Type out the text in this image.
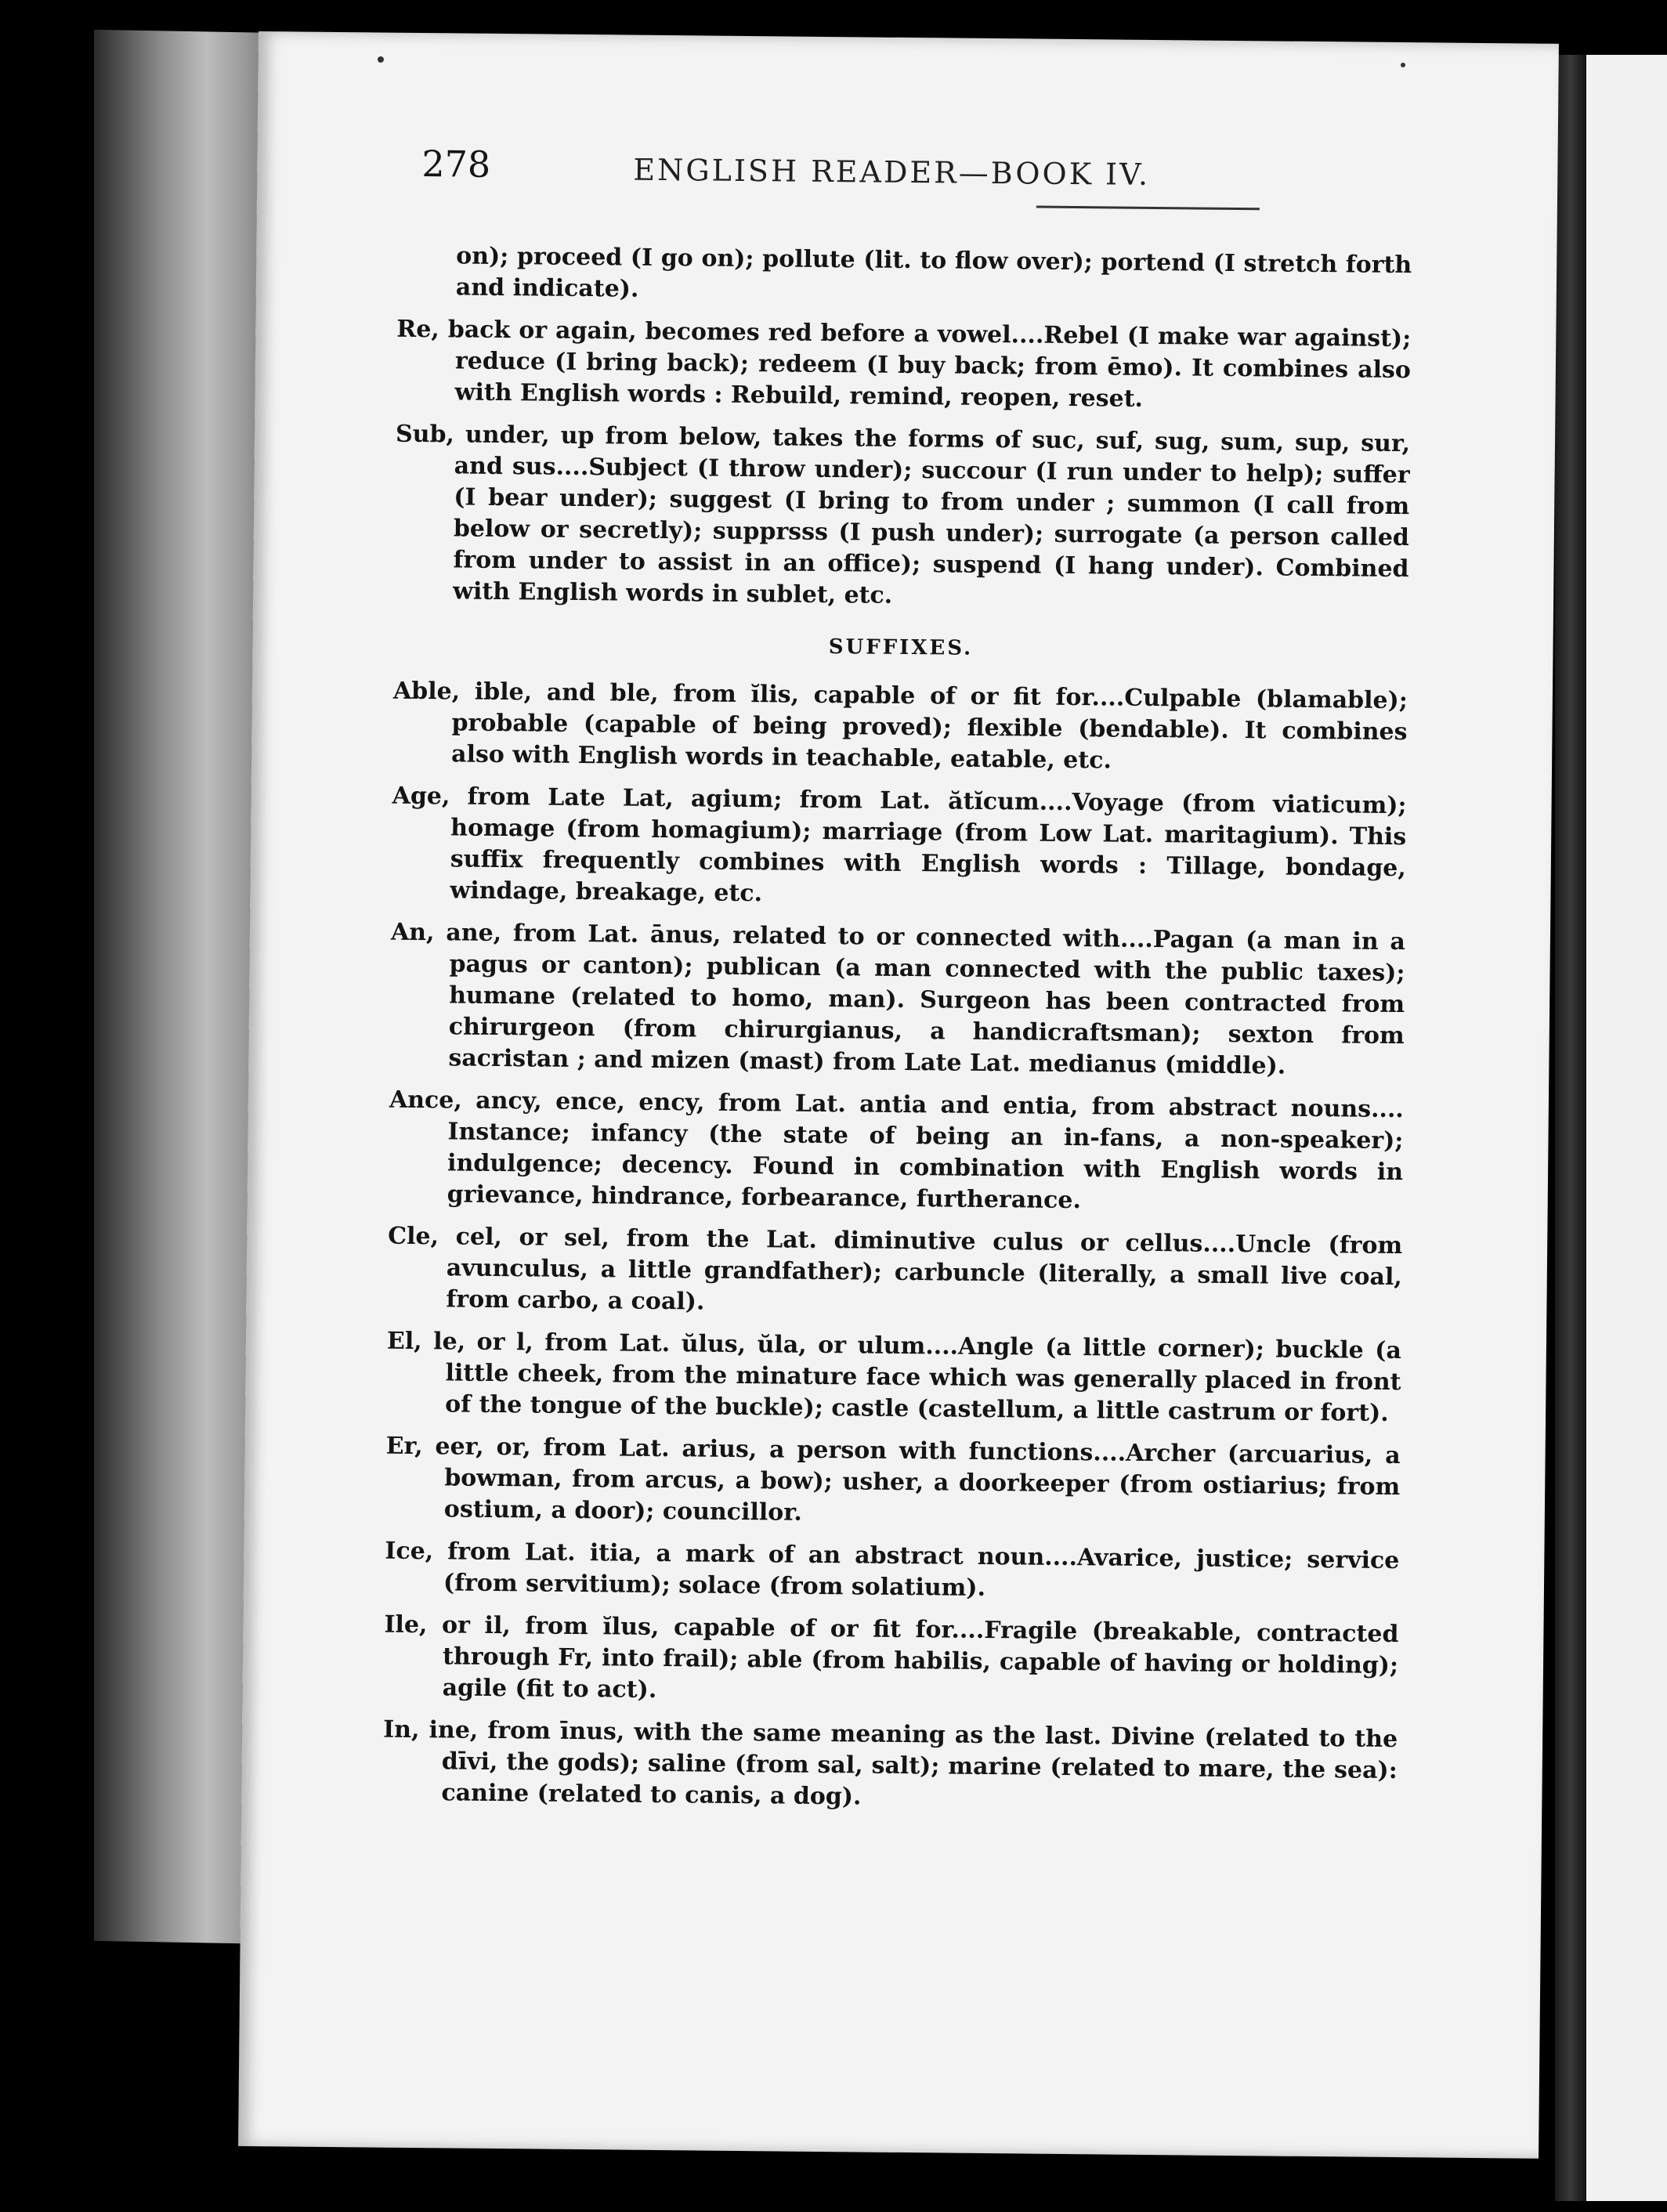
278	ENGLISH READER—BOOK IV.

on); proceed (I go on); pollute (lit. to flow over); portend (I stretch forth and indicate).

Re, back or again, becomes red before a vowel....Rebel (I make war against); reduce (I bring back); redeem (I buy back; from ēmo). It combines also with English words : Rebuild, remind, reopen, reset.

Sub, under, up from below, takes the forms of suc, suf, sug, sum, sup, sur, and sus....Subject (I throw under); succour (I run under to help); suffer (I bear under); suggest (I bring to from under ; summon (I call from below or secretly); supprsss (I push under); surrogate (a person called from under to assist in an office); suspend (I hang under). Combined with English words in sublet, etc.

SUFFIXES.

Able, ible, and ble, from ĭlis, capable of or fit for....Culpable (blamable); probable (capable of being proved); flexible (bendable). It combines also with English words in teachable, eatable, etc.

Age, from Late Lat, agium; from Lat. ătĭcum....Voyage (from viaticum); homage (from homagium); marriage (from Low Lat. maritagium). This suffix frequently combines with English words : Tillage, bondage, windage, breakage, etc.

An, ane, from Lat. ānus, related to or connected with....Pagan (a man in a pagus or canton); publican (a man connected with the public taxes); humane (related to homo, man). Surgeon has been contracted from chirurgeon (from chirurgianus, a handicraftsman); sexton from sacristan ; and mizen (mast) from Late Lat. medianus (middle).

Ance, ancy, ence, ency, from Lat. antia and entia, from abstract nouns.... Instance; infancy (the state of being an in-fans, a non-speaker); indulgence; decency. Found in combination with English words in grievance, hindrance, forbearance, furtherance.

Cle, cel, or sel, from the Lat. diminutive culus or cellus....Uncle (from avunculus, a little grandfather); carbuncle (literally, a small live coal, from carbo, a coal).

El, le, or l, from Lat. ŭlus, ŭla, or ulum....Angle (a little corner); buckle (a little cheek, from the minature face which was generally placed in front of the tongue of the buckle); castle (castellum, a little castrum or fort).

Er, eer, or, from Lat. arius, a person with functions....Archer (arcuarius, a bowman, from arcus, a bow); usher, a doorkeeper (from ostiarius; from ostium, a door); councillor.

Ice, from Lat. itia, a mark of an abstract noun....Avarice, justice; service (from servitium); solace (from solatium).

Ile, or il, from ĭlus, capable of or fit for....Fragile (breakable, contracted through Fr, into frail); able (from habilis, capable of having or holding); agile (fit to act).

In, ine, from īnus, with the same meaning as the last. Divine (related to the dīvi, the gods); saline (from sal, salt); marine (related to mare, the sea): canine (related to canis, a dog).
